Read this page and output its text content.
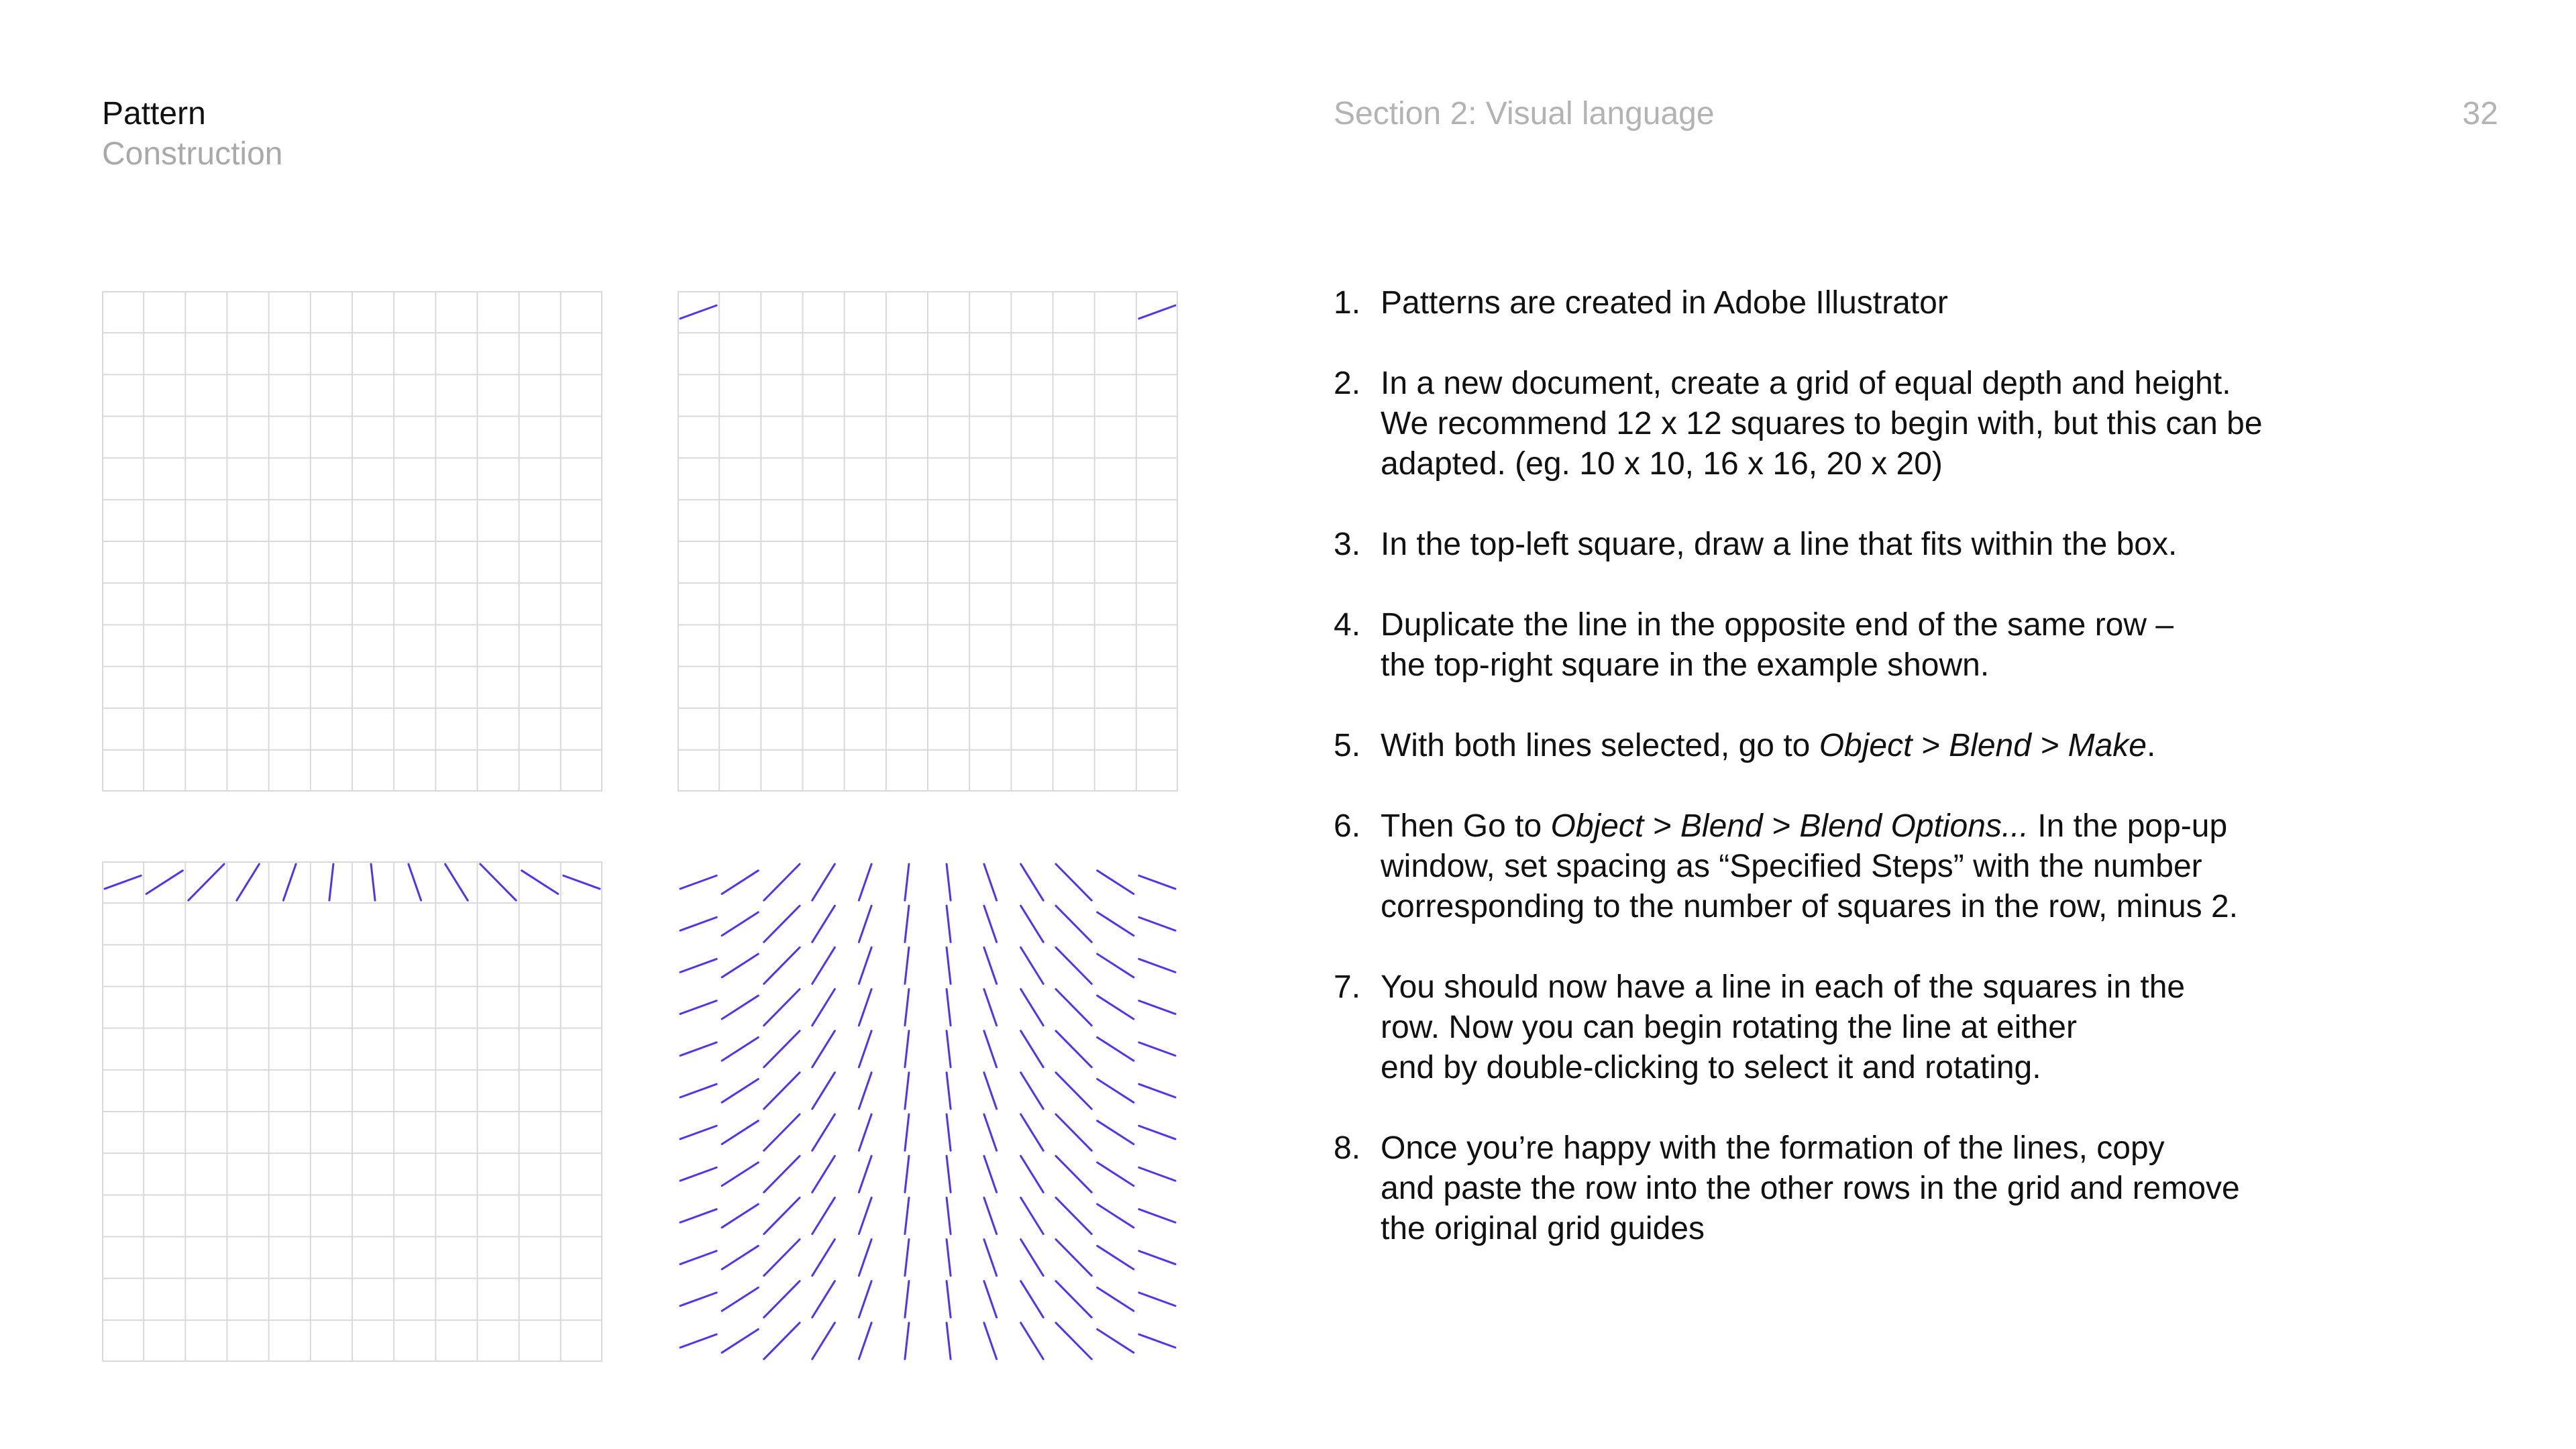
Pattern
Construction
Section 2: Visual language	32
1. Patterns are created in Adobe Illustrator
2. In a new document, create a grid of equal depth and height.
We recommend 12 x 12 squares to begin with, but this can be
adapted. (eg. 10 x 10, 16 x 16, 20 x 20)
3. In the top-left square, draw a line that fits within the box.
4. Duplicate the line in the opposite end of the same row –
the top-right square in the example shown.
5. With both lines selected, go to Object > Blend > Make.
6. Then Go to Object > Blend > Blend Options... In the pop-up
window, set spacing as “Specified Steps” with the number
corresponding to the number of squares in the row, minus 2.
7. You should now have a line in each of the squares in the
row. Now you can begin rotating the line at either
end by double-clicking to select it and rotating.
8. Once you’re happy with the formation of the lines, copy
and paste the row into the other rows in the grid and remove
the original grid guides
